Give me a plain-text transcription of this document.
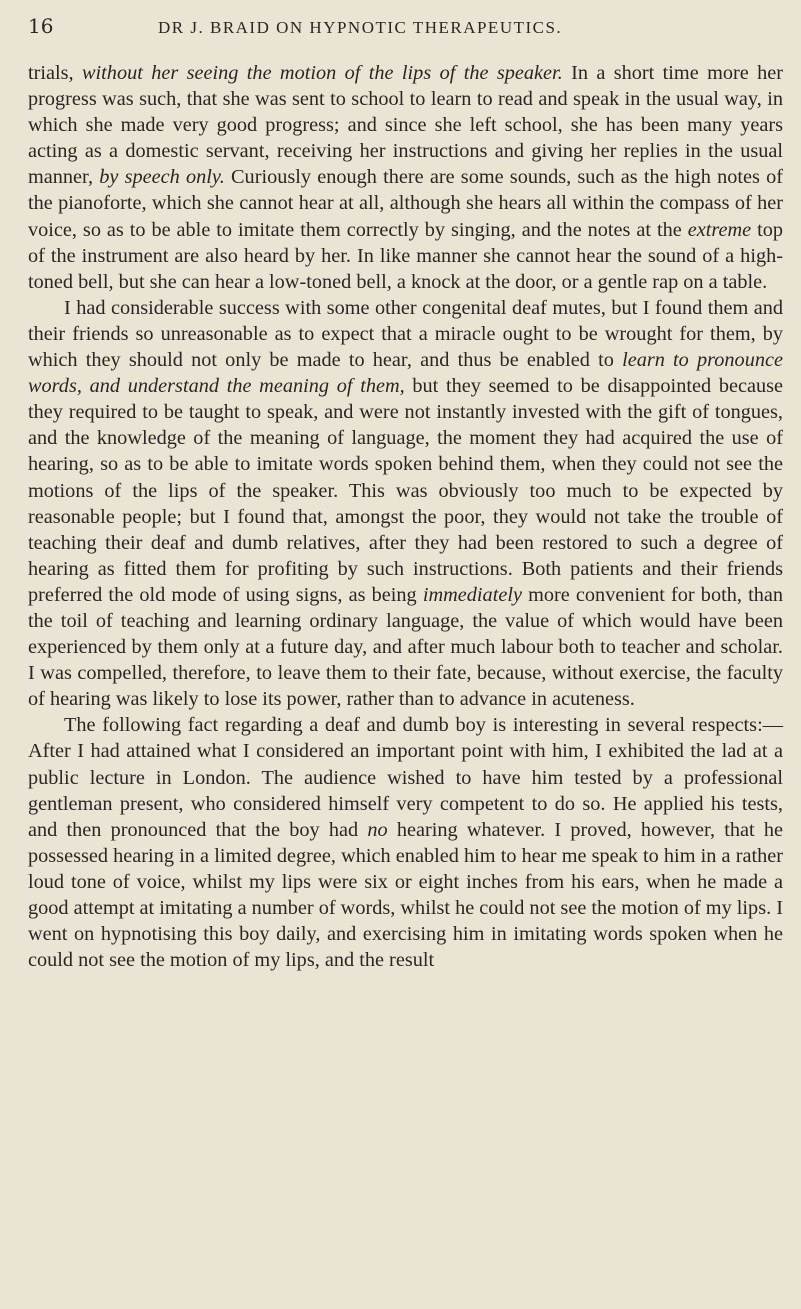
16	DR J. BRAID ON HYPNOTIC THERAPEUTICS.

trials, without her seeing the motion of the lips of the speaker. In a short time more her progress was such, that she was sent to school to learn to read and speak in the usual way, in which she made very good progress; and since she left school, she has been many years acting as a domestic servant, receiving her instructions and giving her replies in the usual manner, by speech only. Curiously enough there are some sounds, such as the high notes of the pianoforte, which she cannot hear at all, although she hears all within the compass of her voice, so as to be able to imitate them correctly by singing, and the notes at the extreme top of the instrument are also heard by her. In like manner she cannot hear the sound of a high-toned bell, but she can hear a low-toned bell, a knock at the door, or a gentle rap on a table.

I had considerable success with some other congenital deaf mutes, but I found them and their friends so unreasonable as to expect that a miracle ought to be wrought for them, by which they should not only be made to hear, and thus be enabled to learn to pronounce words, and understand the meaning of them, but they seemed to be disappointed because they required to be taught to speak, and were not instantly invested with the gift of tongues, and the knowledge of the meaning of language, the moment they had acquired the use of hearing, so as to be able to imitate words spoken behind them, when they could not see the motions of the lips of the speaker. This was obviously too much to be expected by reasonable people; but I found that, amongst the poor, they would not take the trouble of teaching their deaf and dumb relatives, after they had been restored to such a degree of hearing as fitted them for profiting by such instructions. Both patients and their friends preferred the old mode of using signs, as being immediately more convenient for both, than the toil of teaching and learning ordinary language, the value of which would have been experienced by them only at a future day, and after much labour both to teacher and scholar. I was compelled, therefore, to leave them to their fate, because, without exercise, the faculty of hearing was likely to lose its power, rather than to advance in acuteness.

The following fact regarding a deaf and dumb boy is interesting in several respects:—After I had attained what I considered an important point with him, I exhibited the lad at a public lecture in London. The audience wished to have him tested by a professional gentleman present, who considered himself very competent to do so. He applied his tests, and then pronounced that the boy had no hearing whatever. I proved, however, that he possessed hearing in a limited degree, which enabled him to hear me speak to him in a rather loud tone of voice, whilst my lips were six or eight inches from his ears, when he made a good attempt at imitating a number of words, whilst he could not see the motion of my lips. I went on hypnotising this boy daily, and exercising him in imitating words spoken when he could not see the motion of my lips, and the result
